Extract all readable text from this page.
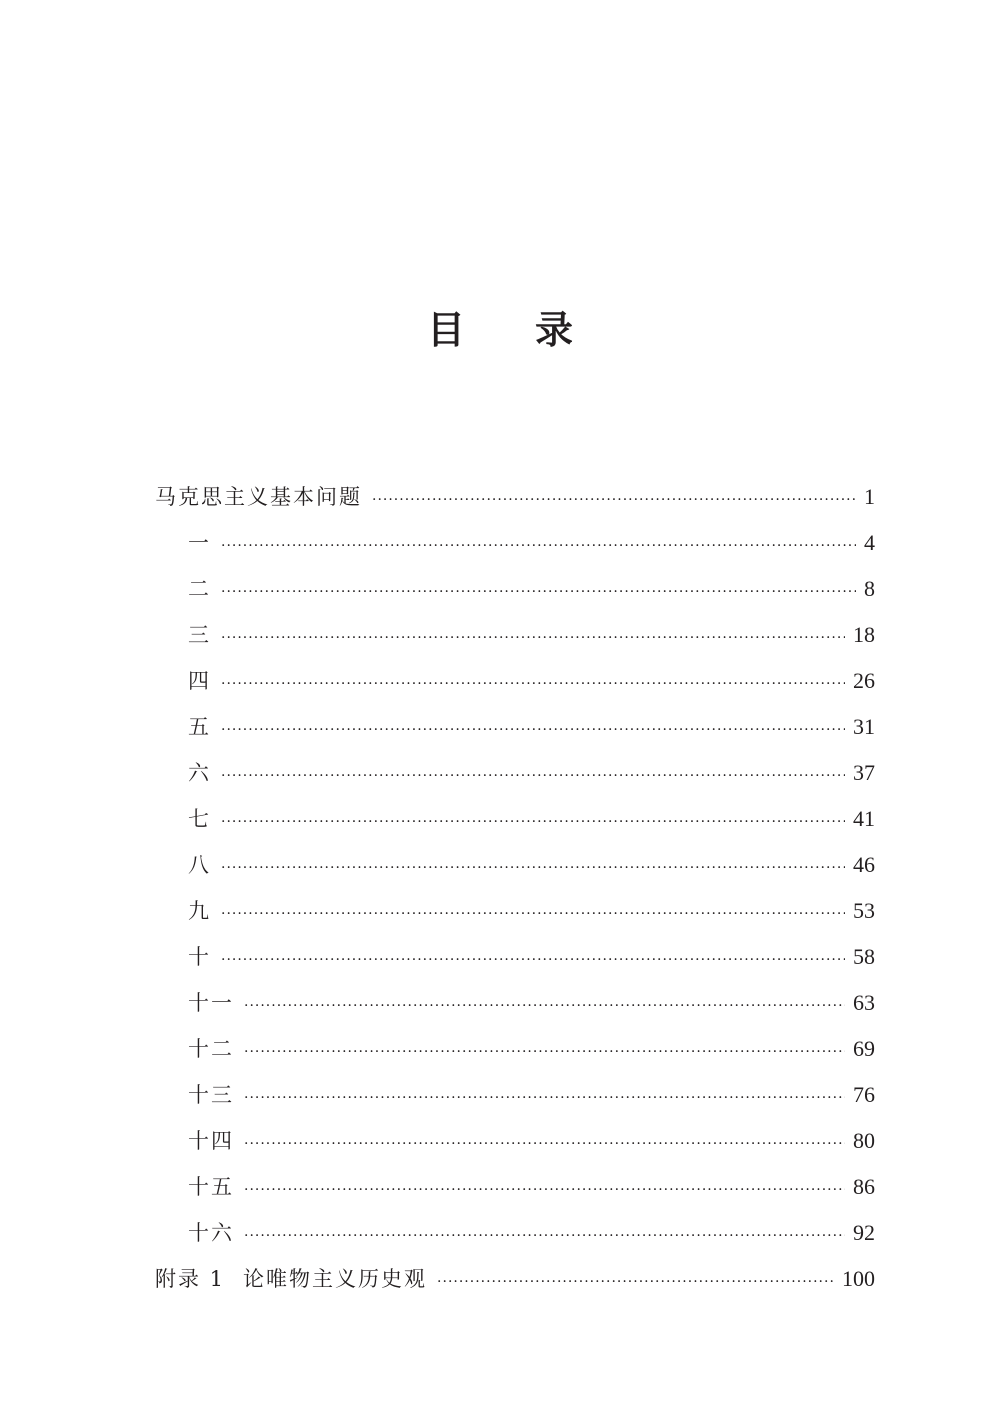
目 录
马克思主义基本问题 ·····	1
一 ·····	4
二 ·····	8
三 ·····	18
四 ·····	26
五 ·····	31
六 ·····	37
七 ·····	41
八 ·····	46
九 ·····	53
十 ·····	58
十一 ·····	63
十二 ·····	69
十三 ·····	76
十四 ·····	80
十五 ·····	86
十六 ·····	92
附录 1 论唯物主义历史观 ·····	100
